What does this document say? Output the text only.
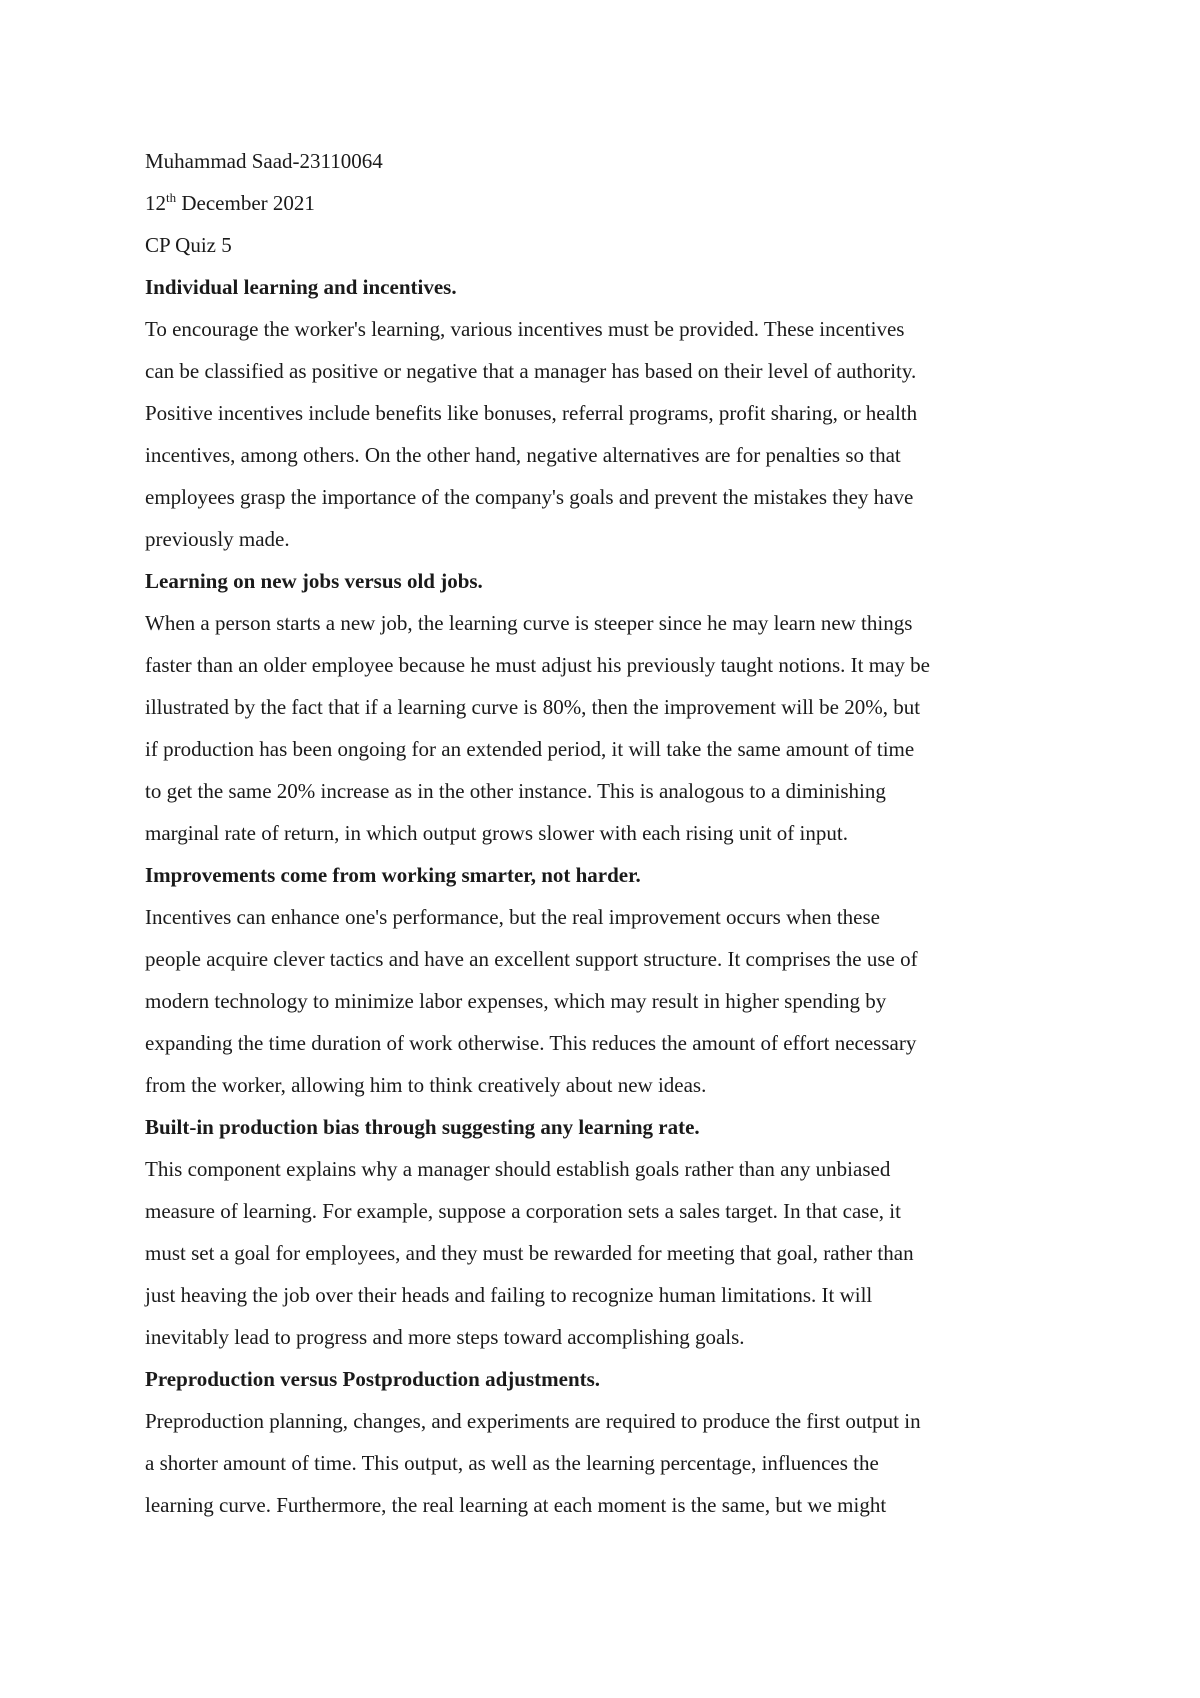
Muhammad Saad-23110064

12th December 2021

CP Quiz 5

Individual learning and incentives.

To encourage the worker's learning, various incentives must be provided. These incentives
can be classified as positive or negative that a manager has based on their level of authority.
Positive incentives include benefits like bonuses, referral programs, profit sharing, or health
incentives, among others. On the other hand, negative alternatives are for penalties so that
employees grasp the importance of the company's goals and prevent the mistakes they have
previously made.

Learning on new jobs versus old jobs.

When a person starts a new job, the learning curve is steeper since he may learn new things
faster than an older employee because he must adjust his previously taught notions. It may be
illustrated by the fact that if a learning curve is 80%, then the improvement will be 20%, but
if production has been ongoing for an extended period, it will take the same amount of time
to get the same 20% increase as in the other instance. This is analogous to a diminishing
marginal rate of return, in which output grows slower with each rising unit of input.

Improvements come from working smarter, not harder.

Incentives can enhance one's performance, but the real improvement occurs when these
people acquire clever tactics and have an excellent support structure. It comprises the use of
modern technology to minimize labor expenses, which may result in higher spending by
expanding the time duration of work otherwise. This reduces the amount of effort necessary
from the worker, allowing him to think creatively about new ideas.

Built-in production bias through suggesting any learning rate.

This component explains why a manager should establish goals rather than any unbiased
measure of learning. For example, suppose a corporation sets a sales target. In that case, it
must set a goal for employees, and they must be rewarded for meeting that goal, rather than
just heaving the job over their heads and failing to recognize human limitations. It will
inevitably lead to progress and more steps toward accomplishing goals.

Preproduction versus Postproduction adjustments.

Preproduction planning, changes, and experiments are required to produce the first output in
a shorter amount of time. This output, as well as the learning percentage, influences the
learning curve. Furthermore, the real learning at each moment is the same, but we might
